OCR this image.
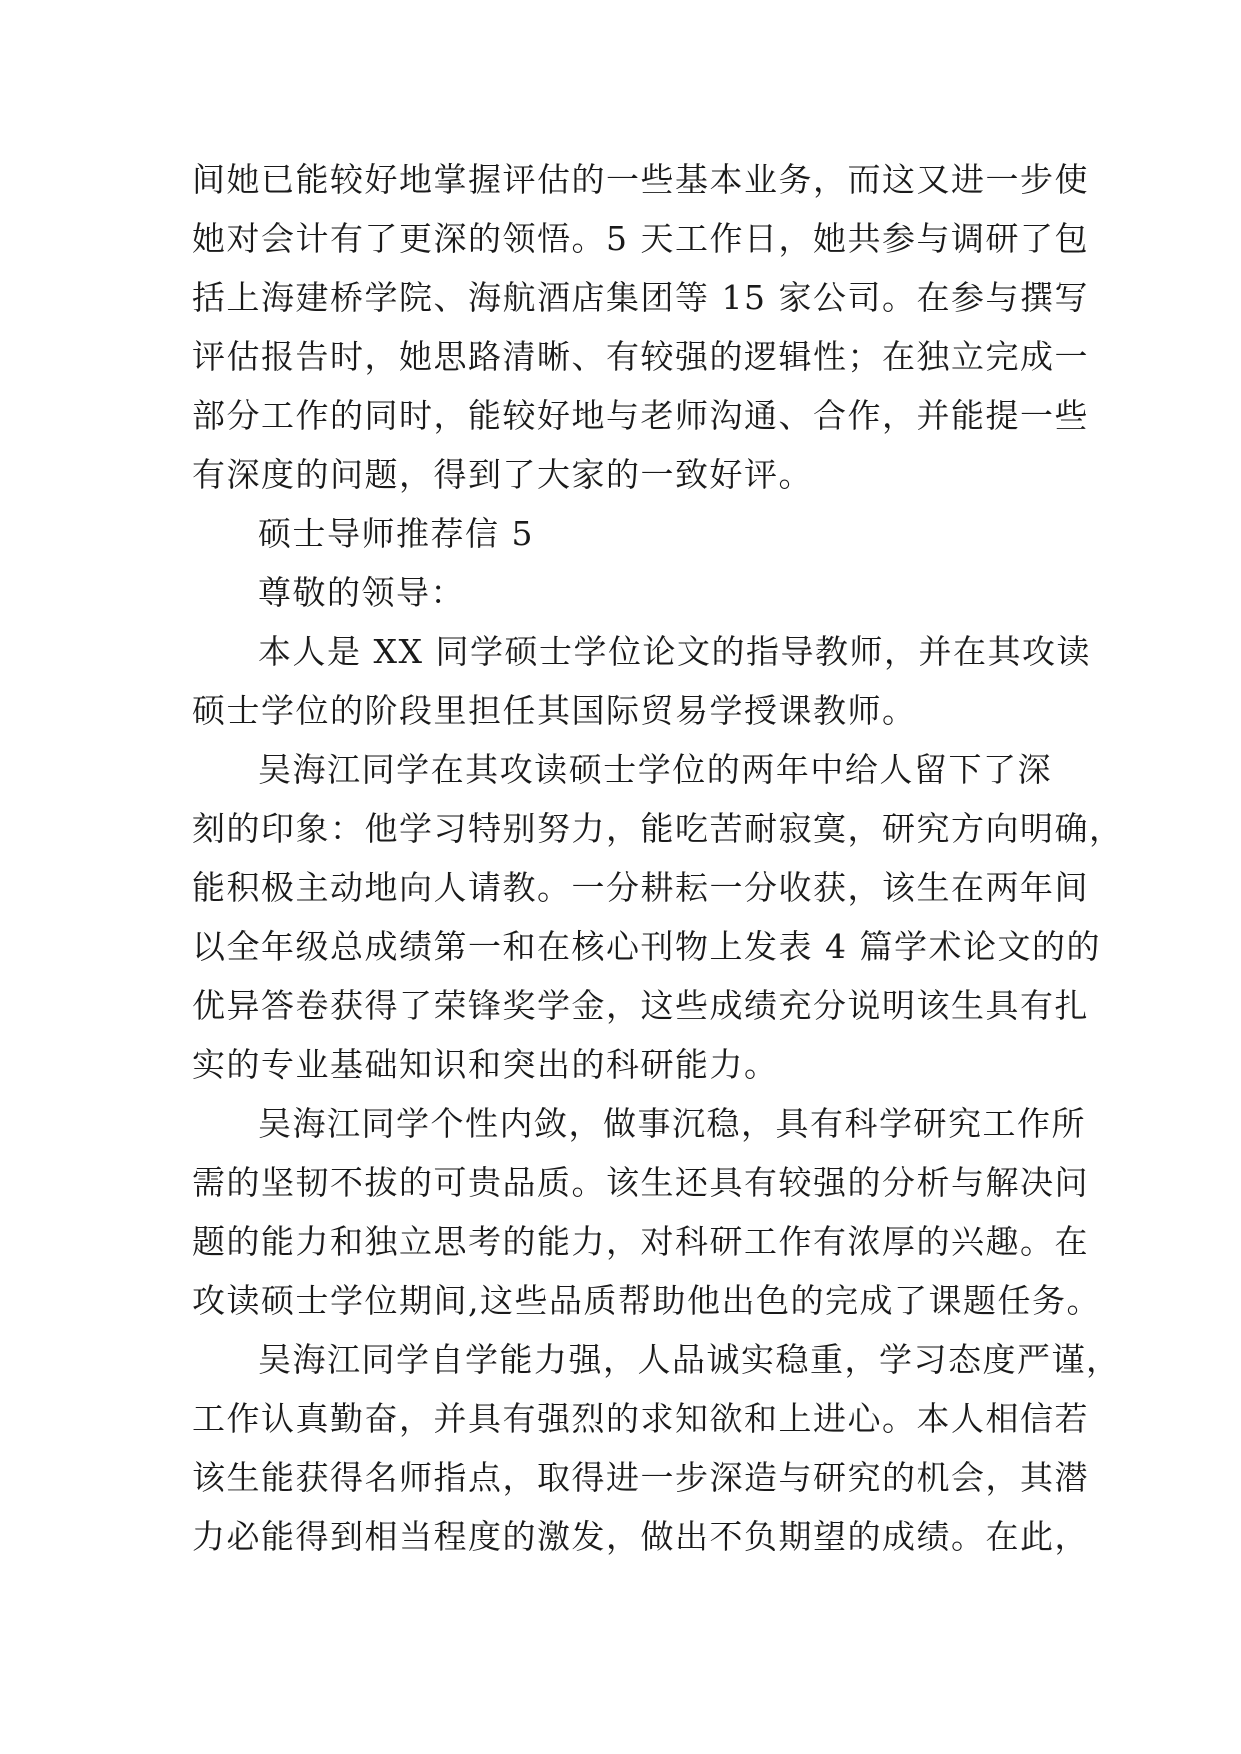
间她已能较好地掌握评估的一些基本业务，而这又进一步使
她对会计有了更深的领悟。5 天工作日，她共参与调研了包
括上海建桥学院、海航酒店集团等 15 家公司。在参与撰写
评估报告时，她思路清晰、有较强的逻辑性；在独立完成一
部分工作的同时，能较好地与老师沟通、合作，并能提一些
有深度的问题，得到了大家的一致好评。
硕士导师推荐信 5
尊敬的领导：
本人是 XX 同学硕士学位论文的指导教师，并在其攻读
硕士学位的阶段里担任其国际贸易学授课教师。
吴海江同学在其攻读硕士学位的两年中给人留下了深
刻的印象：他学习特别努力，能吃苦耐寂寞，研究方向明确，
能积极主动地向人请教。一分耕耘一分收获，该生在两年间
以全年级总成绩第一和在核心刊物上发表 4 篇学术论文的的
优异答卷获得了荣锋奖学金，这些成绩充分说明该生具有扎
实的专业基础知识和突出的科研能力。
吴海江同学个性内敛，做事沉稳，具有科学研究工作所
需的坚韧不拔的可贵品质。该生还具有较强的分析与解决问
题的能力和独立思考的能力，对科研工作有浓厚的兴趣。在
攻读硕士学位期间,这些品质帮助他出色的完成了课题任务。
吴海江同学自学能力强，人品诚实稳重，学习态度严谨，
工作认真勤奋，并具有强烈的求知欲和上进心。本人相信若
该生能获得名师指点，取得进一步深造与研究的机会，其潜
力必能得到相当程度的激发，做出不负期望的成绩。在此，
